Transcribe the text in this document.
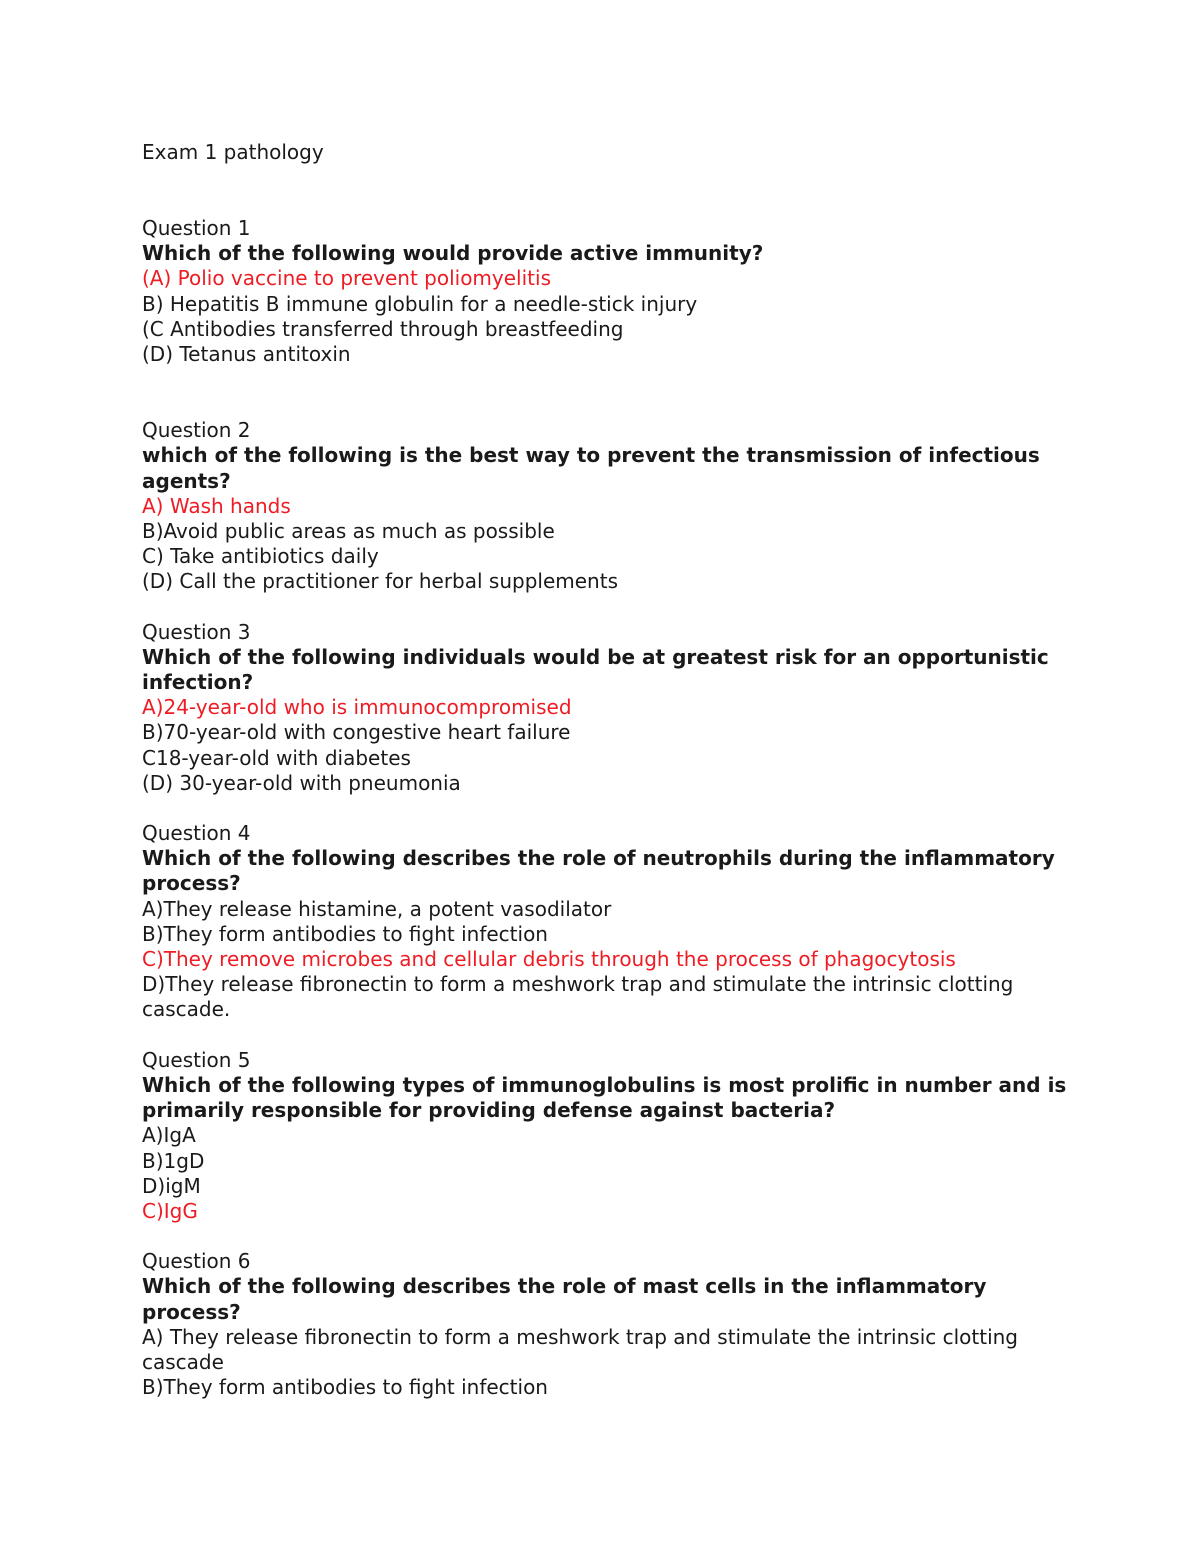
Exam 1 pathology
Question 1
Which of the following would provide active immunity?
(A) Polio vaccine to prevent poliomyelitis
B) Hepatitis B immune globulin for a needle-stick injury
(C Antibodies transferred through breastfeeding
(D) Tetanus antitoxin
Question 2
which of the following is the best way to prevent the transmission of infectious agents?
A) Wash hands
B)Avoid public areas as much as possible
C) Take antibiotics daily
(D) Call the practitioner for herbal supplements
Question 3
Which of the following individuals would be at greatest risk for an opportunistic infection?
A)24-year-old who is immunocompromised
B)70-year-old with congestive heart failure
C18-year-old with diabetes
(D) 30-year-old with pneumonia
Question 4
Which of the following describes the role of neutrophils during the inflammatory process?
A)They release histamine, a potent vasodilator
B)They form antibodies to fight infection
C)They remove microbes and cellular debris through the process of phagocytosis
D)They release fibronectin to form a meshwork trap and stimulate the intrinsic clotting cascade.
Question 5
Which of the following types of immunoglobulins is most prolific in number and is primarily responsible for providing defense against bacteria?
A)IgA
B)1gD
D)igM
C)IgG
Question 6
Which of the following describes the role of mast cells in the inflammatory process?
A) They release fibronectin to form a meshwork trap and stimulate the intrinsic clotting cascade
B)They form antibodies to fight infection
